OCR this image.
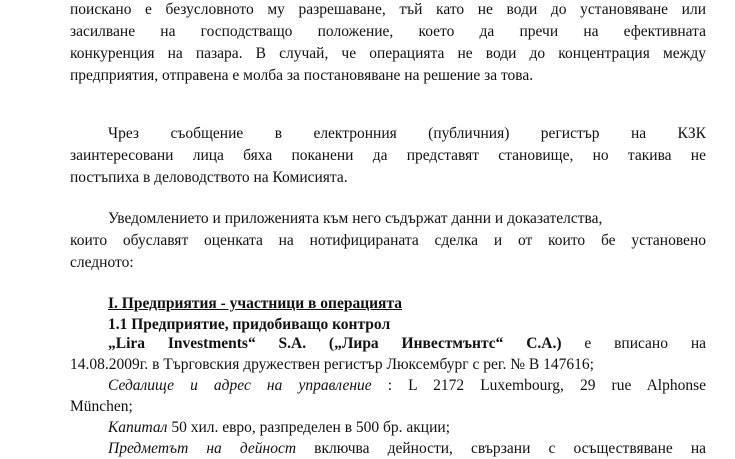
поискано е безусловното му разрешаване, тъй като не води до установяване или
засилване на господстващо положение, което да пречи на ефективната
конкуренция на пазара. В случай, че операцията не води до концентрация между
предприятия, отправена е молба за постановяване на решение за това.
Чрез съобщение в електронния (публичния) регистър на КЗК
заинтересовани лица бяха поканени да представят становище, но такива не
постъпиха в деловодството на Комисията.
Уведомлението и приложенията към него съдържат данни и доказателства,
които обуславят оценката на нотифицираната сделка и от които бе установено
следното:
I. Предприятия - участници в операцията
1.1 Предприятие, придобиващо контрол
„Lira Investments“ S.A. („Лира Инвестмънтс“ С.А.) е вписано на
14.08.2009г. в Търговския дружествен регистър Люксембург с рег. № В 147616;
Седалище и адрес на управление : L 2172 Luxembourg, 29 rue Alphonse
München;
Капитал 50 хил. евро, разпределен в 500 бр. акции;
Предметът на дейност включва дейности, свързани с осъществяване на
